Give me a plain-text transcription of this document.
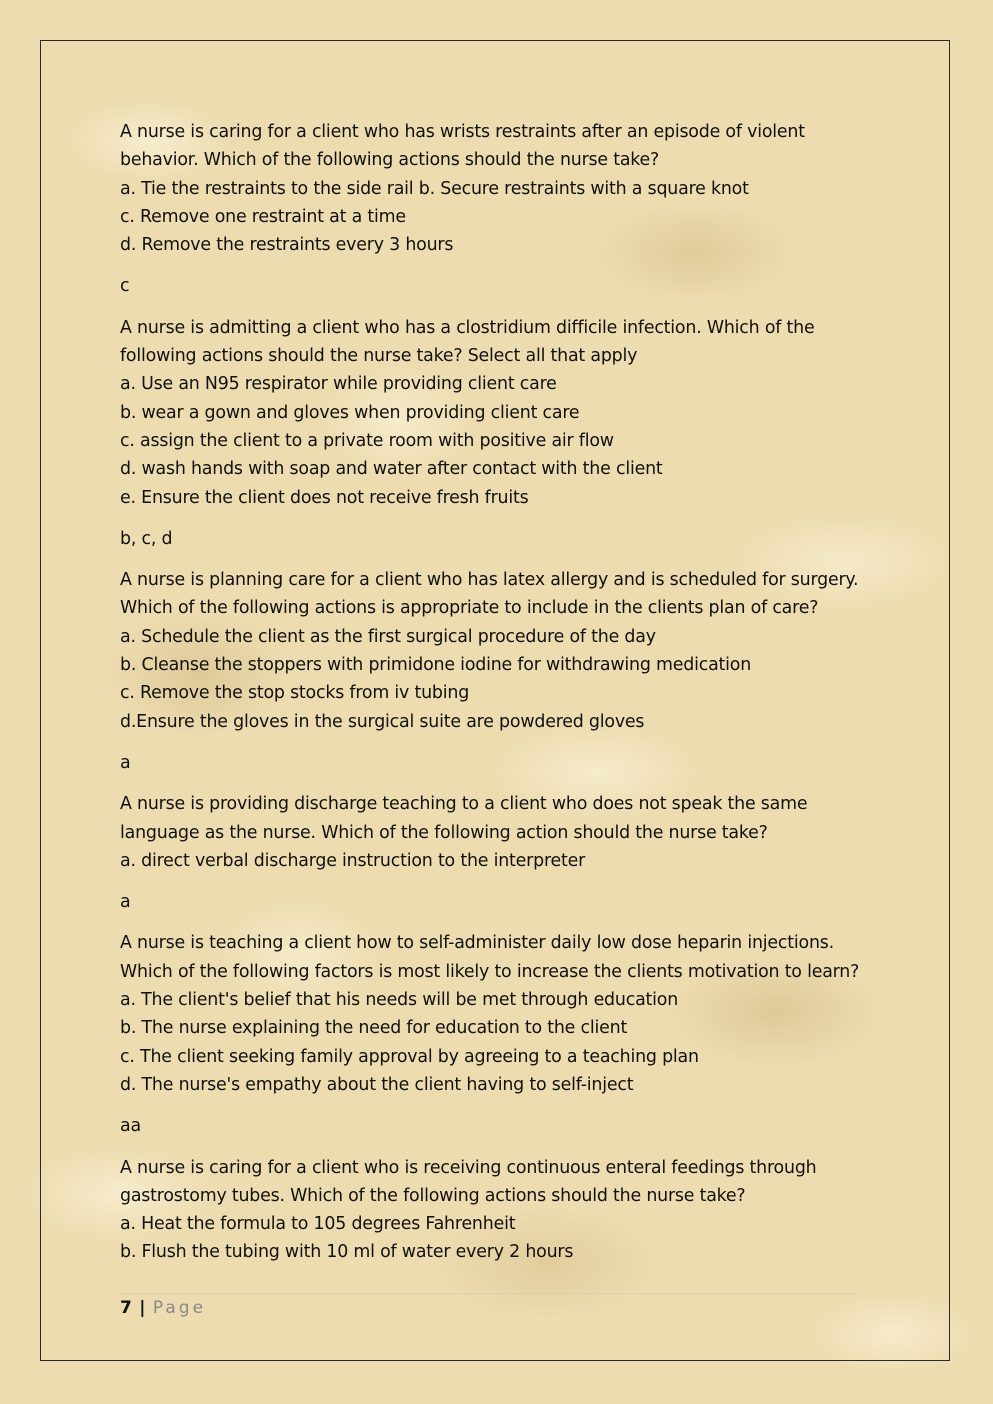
A nurse is caring for a client who has wrists restraints after an episode of violent

behavior. Which of the following actions should the nurse take?

a. Tie the restraints to the side rail b. Secure restraints with a square knot

c. Remove one restraint at a time

d. Remove the restraints every 3 hours

c

A nurse is admitting a client who has a clostridium difficile infection. Which of the

following actions should the nurse take? Select all that apply

a. Use an N95 respirator while providing client care

b. wear a gown and gloves when providing client care

c. assign the client to a private room with positive air flow

d. wash hands with soap and water after contact with the client

e. Ensure the client does not receive fresh fruits

b, c, d

A nurse is planning care for a client who has latex allergy and is scheduled for surgery.

Which of the following actions is appropriate to include in the clients plan of care?

a. Schedule the client as the first surgical procedure of the day

b. Cleanse the stoppers with primidone iodine for withdrawing medication

c. Remove the stop stocks from iv tubing

d.Ensure the gloves in the surgical suite are powdered gloves

a

A nurse is providing discharge teaching to a client who does not speak the same

language as the nurse. Which of the following action should the nurse take?

a. direct verbal discharge instruction to the interpreter

a

A nurse is teaching a client how to self-administer daily low dose heparin injections.

Which of the following factors is most likely to increase the clients motivation to learn?

a. The client's belief that his needs will be met through education

b. The nurse explaining the need for education to the client

c. The client seeking family approval by agreeing to a teaching plan

d. The nurse's empathy about the client having to self-inject

aa

A nurse is caring for a client who is receiving continuous enteral feedings through

gastrostomy tubes. Which of the following actions should the nurse take?

a. Heat the formula to 105 degrees Fahrenheit

b. Flush the tubing with 10 ml of water every 2 hours

7 | Page
